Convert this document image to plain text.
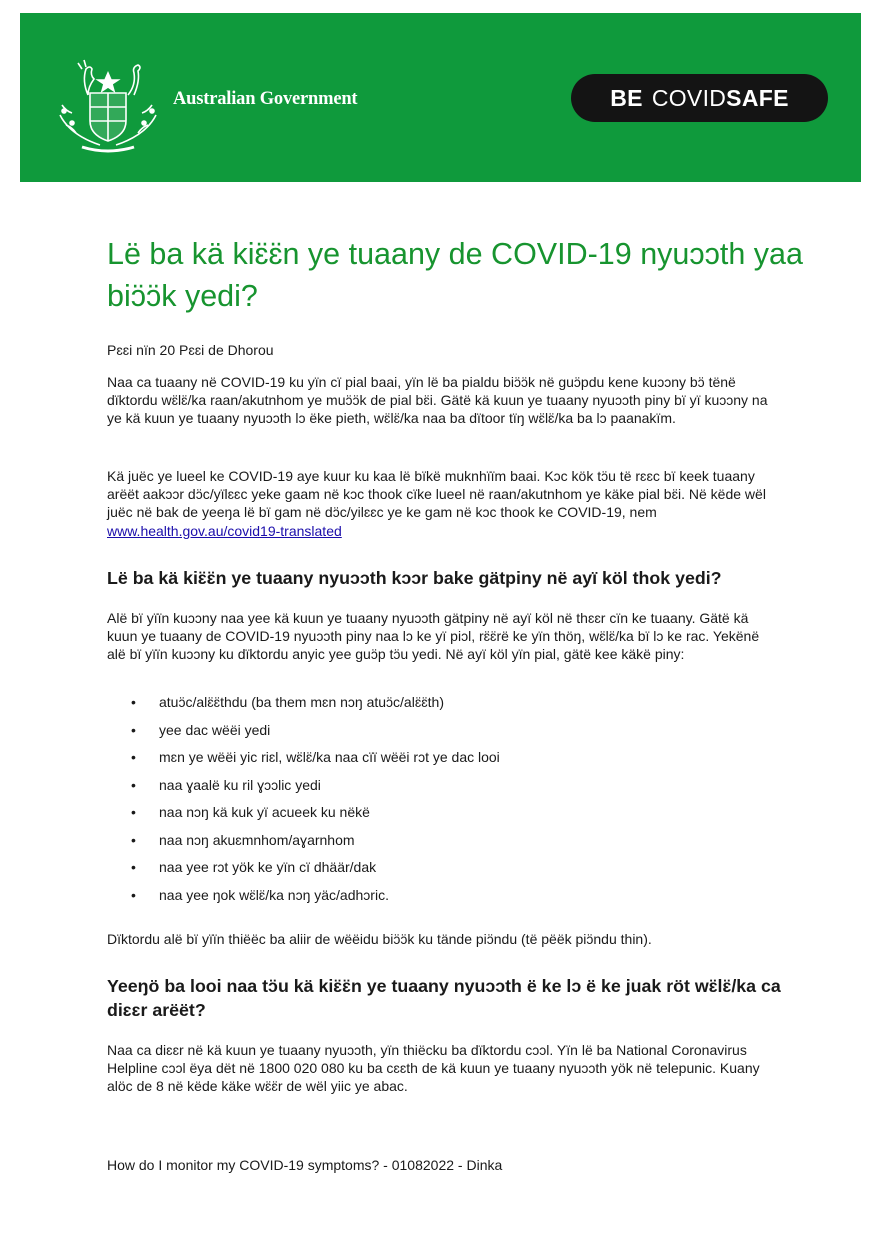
Australian Government	BE COVID SAFE
Lë ba kä kiɛ̈ɛ̈n ye tuaany de COVID-19 nyuɔɔth yaa biɔ̈ɔ̈k yedi?

Pɛɛi nïn 20 Pɛɛi de Dhorou

Naa ca tuaany në COVID-19 ku yïn cï pial baai, yïn lë ba pialdu biɔ̈ɔ̈k në guɔ̈pdu kene kuɔɔny bɔ̈ tënë dïktordu wɛ̈lɛ̈/ka raan/akutnhom ye muɔ̈ɔ̈k de pial bɛ̈i. Gätë kä kuun ye tuaany nyuɔɔth piny bï yï kuɔɔny na ye kä kuun ye tuaany nyuɔɔth lɔ ëke pieth, wɛ̈lɛ̈/ka naa ba dïtoor tïŋ wɛ̈lɛ̈/ka ba lɔ paanakïm.

Kä juëc ye lueel ke COVID-19 aye kuur ku kaa lë bïkë muknhïïm baai. Kɔc kök tɔ̈u të rɛɛc bï keek tuaany arëët aakɔɔr dɔ̈c/yïlɛɛc yeke gaam në kɔc thook cïke lueel në raan/akutnhom ye käke pial bɛ̈i. Në këde wël juëc në bak de yeeŋa lë bï gam në dɔ̈c/yilɛɛc ye ke gam në kɔc thook ke COVID-19, nem www.health.gov.au/covid19-translated

Lë ba kä kiɛ̈ɛ̈n ye tuaany nyuɔɔth kɔɔr bake gätpiny në ayï köl thok yedi?

Alë bï yïïn kuɔɔny naa yee kä kuun ye tuaany nyuɔɔth gätpiny në ayï köl në thɛɛr cïn ke tuaany. Gätë kä kuun ye tuaany de COVID-19 nyuɔɔth piny naa lɔ ke yï piɔl, rɛ̈ɛ̈rë ke yïn thöŋ, wɛ̈lɛ̈/ka bï lɔ ke rac. Yekënë alë bï yïïn kuɔɔny ku dïktordu anyic yee guɔ̈p tɔ̈u yedi. Në ayï köl yïn pial, gätë kee käkë piny:

• atuɔ̈c/alɛ̈ɛ̈thdu (ba them mɛn nɔŋ atuɔ̈c/alɛ̈ɛ̈th)
• yee dac wëëi yedi
• mɛn ye wëëi yic riɛl, wɛ̈lɛ̈/ka naa cïï wëëi rɔt ye dac looi
• naa ɣaalë ku ril ɣɔɔlic yedi
• naa nɔŋ kä kuk yï acueek ku nëkë
• naa nɔŋ akuɛmnhom/aɣarnhom
• naa yee rɔt yök ke yïn cï dhäär/dak
• naa yee ŋok wɛ̈lɛ̈/ka nɔŋ yäc/adhɔric.

Dïktordu alë bï yïïn thiëëc ba aliir de wëëidu biɔ̈ɔ̈k ku tände piɔ̈ndu (të pëëk piɔ̈ndu thin).

Yeeŋö ba looi naa tɔ̈u kä kiɛ̈ɛ̈n ye tuaany nyuɔɔth ë ke lɔ ë ke juak röt wɛ̈lɛ̈/ka ca diɛɛr arëët?

Naa ca diɛɛr në kä kuun ye tuaany nyuɔɔth, yïn thiëcku ba dïktordu cɔɔl. Yïn lë ba National Coronavirus Helpline cɔɔl ëya dët në 1800 020 080 ku ba cɛɛth de kä kuun ye tuaany nyuɔɔth yök në telepunic. Kuany alöc de 8 në këde käke wɛ̈ɛ̈r de wël yiic ye abac.

How do I monitor my COVID-19 symptoms? - 01082022 - Dinka
